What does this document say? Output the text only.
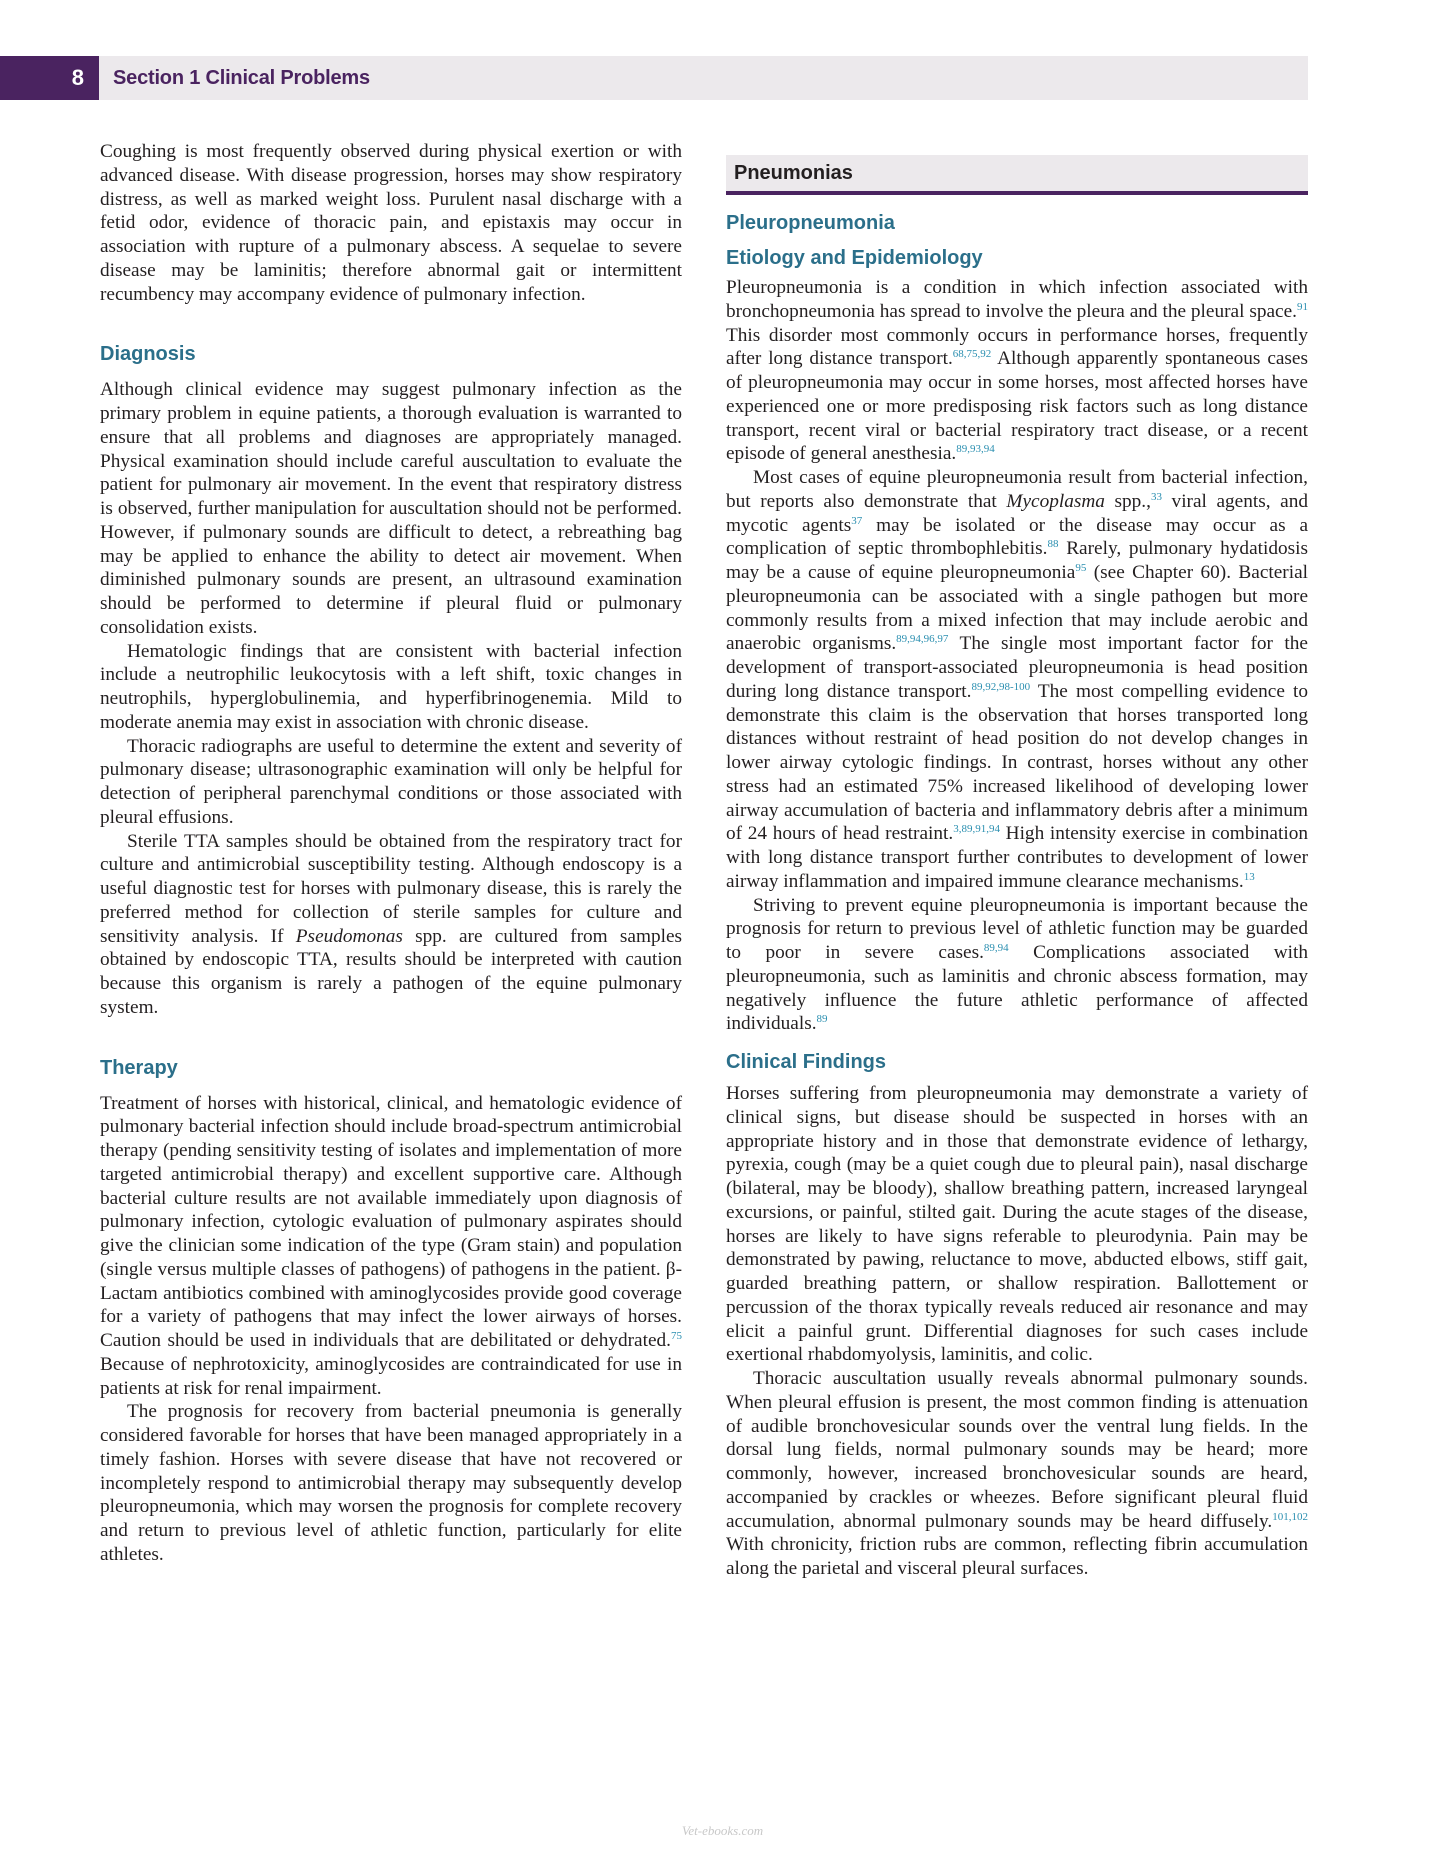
8	Section 1 Clinical Problems

Coughing is most frequently observed during physical exertion or with advanced disease. With disease progression, horses may show respiratory distress, as well as marked weight loss. Purulent nasal discharge with a fetid odor, evidence of thoracic pain, and epistaxis may occur in association with rupture of a pulmonary abscess. A sequelae to severe disease may be laminitis; therefore abnormal gait or intermittent recumbency may accompany evidence of pulmonary infection.

Diagnosis

Although clinical evidence may suggest pulmonary infection as the primary problem in equine patients, a thorough evaluation is warranted to ensure that all problems and diagnoses are appropriately managed. Physical examination should include careful auscultation to evaluate the patient for pulmonary air movement. In the event that respiratory distress is observed, further manipulation for auscultation should not be performed. However, if pulmonary sounds are difficult to detect, a rebreathing bag may be applied to enhance the ability to detect air movement. When diminished pulmonary sounds are present, an ultrasound examination should be performed to determine if pleural fluid or pulmonary consolidation exists.

Hematologic findings that are consistent with bacterial infection include a neutrophilic leukocytosis with a left shift, toxic changes in neutrophils, hyperglobulinemia, and hyperfibrinogenemia. Mild to moderate anemia may exist in association with chronic disease.

Thoracic radiographs are useful to determine the extent and severity of pulmonary disease; ultrasonographic examination will only be helpful for detection of peripheral parenchymal conditions or those associated with pleural effusions.

Sterile TTA samples should be obtained from the respiratory tract for culture and antimicrobial susceptibility testing. Although endoscopy is a useful diagnostic test for horses with pulmonary disease, this is rarely the preferred method for collection of sterile samples for culture and sensitivity analysis. If Pseudomonas spp. are cultured from samples obtained by endoscopic TTA, results should be interpreted with caution because this organism is rarely a pathogen of the equine pulmonary system.

Therapy

Treatment of horses with historical, clinical, and hematologic evidence of pulmonary bacterial infection should include broad-spectrum antimicrobial therapy (pending sensitivity testing of isolates and implementation of more targeted antimicrobial therapy) and excellent supportive care. Although bacterial culture results are not available immediately upon diagnosis of pulmonary infection, cytologic evaluation of pulmonary aspirates should give the clinician some indication of the type (Gram stain) and population (single versus multiple classes of pathogens) of pathogens in the patient. β-Lactam antibiotics combined with aminoglycosides provide good coverage for a variety of pathogens that may infect the lower airways of horses. Caution should be used in individuals that are debilitated or dehydrated.$^{75}$ Because of nephrotoxicity, aminoglycosides are contraindicated for use in patients at risk for renal impairment.

The prognosis for recovery from bacterial pneumonia is generally considered favorable for horses that have been managed appropriately in a timely fashion. Horses with severe disease that have not recovered or incompletely respond to antimicrobial therapy may subsequently develop pleuropneumonia, which may worsen the prognosis for complete recovery and return to previous level of athletic function, particularly for elite athletes.

Pneumonias
Pleuropneumonia
Etiology and Epidemiology

Pleuropneumonia is a condition in which infection associated with bronchopneumonia has spread to involve the pleura and the pleural space.$^{91}$ This disorder most commonly occurs in performance horses, frequently after long distance transport.$^{68,75,92}$ Although apparently spontaneous cases of pleuropneumonia may occur in some horses, most affected horses have experienced one or more predisposing risk factors such as long distance transport, recent viral or bacterial respiratory tract disease, or a recent episode of general anesthesia.$^{89,93,94}$

Most cases of equine pleuropneumonia result from bacterial infection, but reports also demonstrate that Mycoplasma spp.,$^{33}$ viral agents, and mycotic agents$^{37}$ may be isolated or the disease may occur as a complication of septic thrombophlebitis.$^{88}$ Rarely, pulmonary hydatidosis may be a cause of equine pleuropneumonia$^{95}$ (see Chapter 60). Bacterial pleuropneumonia can be associated with a single pathogen but more commonly results from a mixed infection that may include aerobic and anaerobic organisms.$^{89,94,96,97}$ The single most important factor for the development of transport-associated pleuropneumonia is head position during long distance transport.$^{89,92,98-100}$ The most compelling evidence to demonstrate this claim is the observation that horses transported long distances without restraint of head position do not develop changes in lower airway cytologic findings. In contrast, horses without any other stress had an estimated 75% increased likelihood of developing lower airway accumulation of bacteria and inflammatory debris after a minimum of 24 hours of head restraint.$^{3,89,91,94}$ High intensity exercise in combination with long distance transport further contributes to development of lower airway inflammation and impaired immune clearance mechanisms.$^{13}$

Striving to prevent equine pleuropneumonia is important because the prognosis for return to previous level of athletic function may be guarded to poor in severe cases.$^{89,94}$ Complications associated with pleuropneumonia, such as laminitis and chronic abscess formation, may negatively influence the future athletic performance of affected individuals.$^{89}$

Clinical Findings

Horses suffering from pleuropneumonia may demonstrate a variety of clinical signs, but disease should be suspected in horses with an appropriate history and in those that demonstrate evidence of lethargy, pyrexia, cough (may be a quiet cough due to pleural pain), nasal discharge (bilateral, may be bloody), shallow breathing pattern, increased laryngeal excursions, or painful, stilted gait. During the acute stages of the disease, horses are likely to have signs referable to pleurodynia. Pain may be demonstrated by pawing, reluctance to move, abducted elbows, stiff gait, guarded breathing pattern, or shallow respiration. Ballottement or percussion of the thorax typically reveals reduced air resonance and may elicit a painful grunt. Differential diagnoses for such cases include exertional rhabdomyolysis, laminitis, and colic.

Thoracic auscultation usually reveals abnormal pulmonary sounds. When pleural effusion is present, the most common finding is attenuation of audible bronchovesicular sounds over the ventral lung fields. In the dorsal lung fields, normal pulmonary sounds may be heard; more commonly, however, increased bronchovesicular sounds are heard, accompanied by crackles or wheezes. Before significant pleural fluid accumulation, abnormal pulmonary sounds may be heard diffusely.$^{101,102}$ With chronicity, friction rubs are common, reflecting fibrin accumulation along the parietal and visceral pleural surfaces.

Vet-ebooks.com
